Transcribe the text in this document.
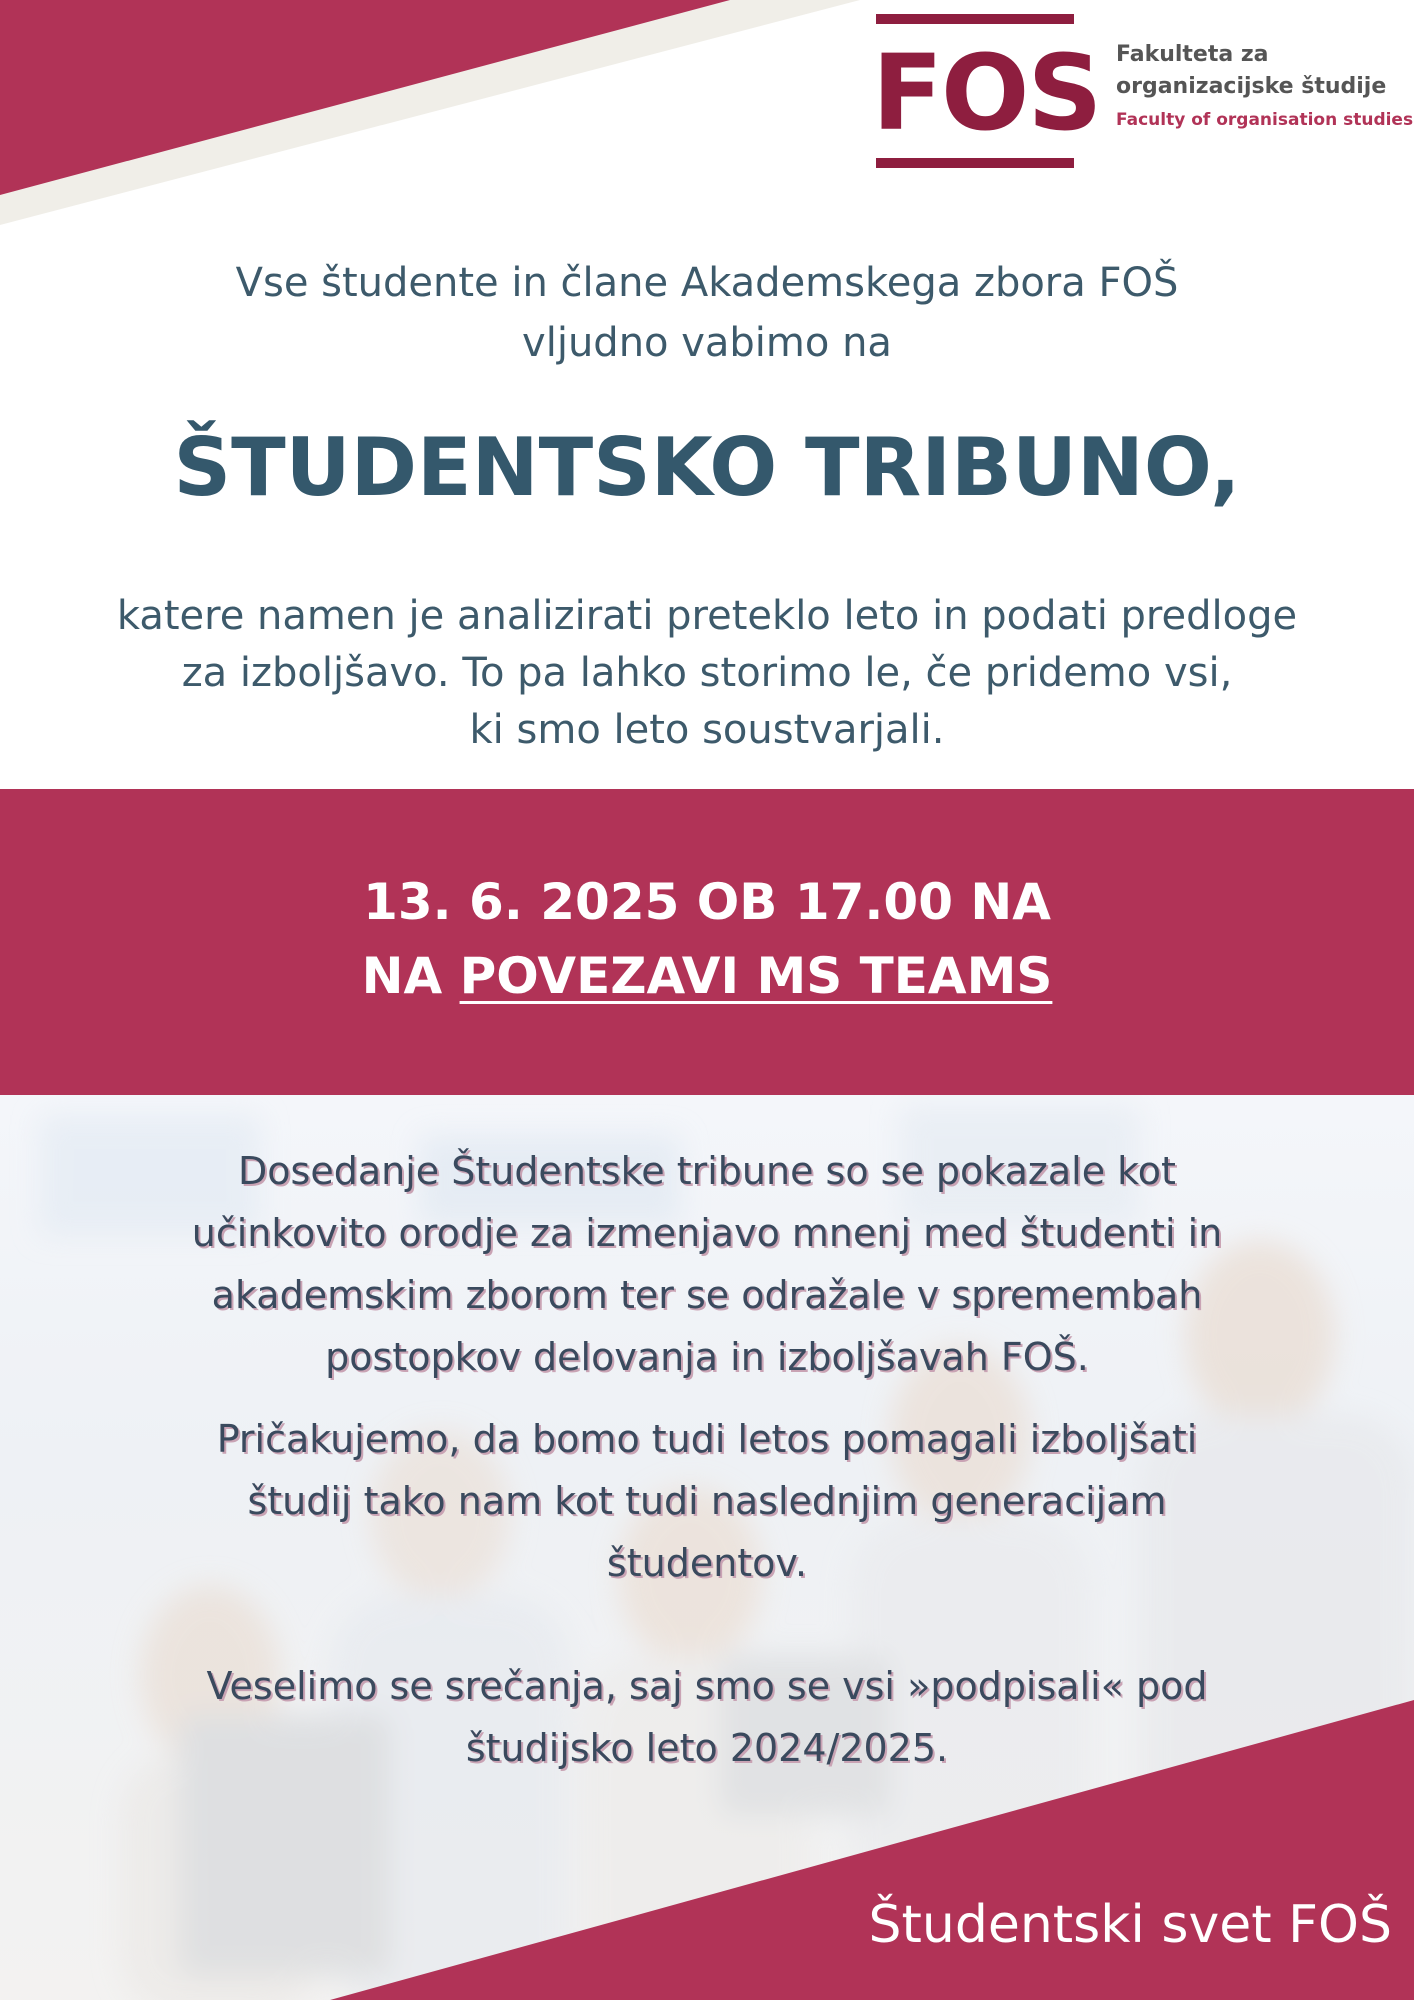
FOS Fakulteta za
organizacijske študije
Faculty of organisation studies
Vse študente in člane Akademskega zbora FOŠ
vljudno vabimo na
ŠTUDENTSKO TRIBUNO,
katere namen je analizirati preteklo leto in podati predloge
za izboljšavo. To pa lahko storimo le, če pridemo vsi,
ki smo leto soustvarjali.
13. 6. 2025 OB 17.00 NA
NA POVEZAVI MS TEAMS
Dosedanje Študentske tribune so se pokazale kot
učinkovito orodje za izmenjavo mnenj med študenti in
akademskim zborom ter se odražale v spremembah
postopkov delovanja in izboljšavah FOŠ.
Pričakujemo, da bomo tudi letos pomagali izboljšati
študij tako nam kot tudi naslednjim generacijam
študentov.
Veselimo se srečanja, saj smo se vsi »podpisali« pod
študijsko leto 2024/2025.
Študentski svet FOŠ
